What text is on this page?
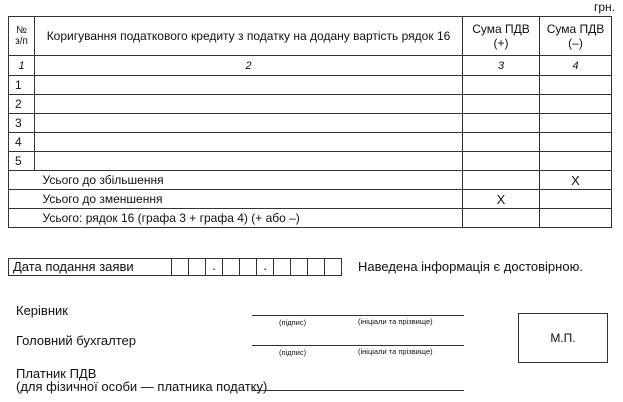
грн.
№ з/п	Коригування податкового кредиту з податку на додану вартість рядок 16	Сума ПДВ (+)	Сума ПДВ (–)
1	2	3	4
1			
2			
3			
4			
5			
	Усього до збільшення		X
	Усього до зменшення	X	
	Усього: рядок 16 (графа 3 + графа 4) (+ або –)		
Дата подання заяви	.	.	Наведена інформація є достовірною.
Керівник
(підпис)	(ініціали та прізвище)
Головний бухгалтер
(підпис)	(ініціали та прізвище)
Платник ПДВ
(для фізичної особи — платника податку)
М.П.
